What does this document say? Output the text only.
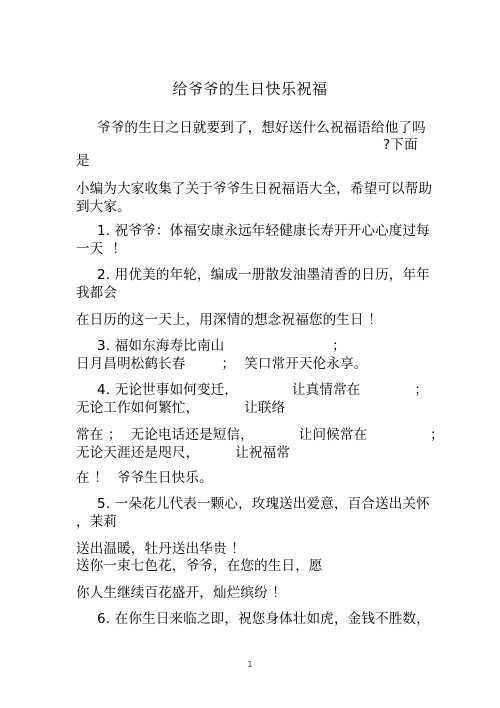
给爷爷的生日快乐祝福
爷爷的生日之日就要到了，想好送什么祝福语给他了吗
?下面
是
小编为大家收集了关于爷爷生日祝福语大全，希望可以帮助
到大家。
1. 祝爷爷：体福安康永远年轻健康长寿开开心心度过每
一天  ！
2. 用优美的年轮，编成一册散发油墨清香的日历，年年
我都会
在日历的这一天上，用深情的想念祝福您的生日 ！
3. 福如东海寿比南山                        ；
日月昌明松鹤长春        ；  笑口常开天伦永享。
4. 无论世事如何变迁，            让真情常在            ；
无论工作如何繁忙，          让联络
常在 ；  无论电话还是短信，          让问候常在              ；
无论天涯还是咫尺，        让祝福常
在 ！  爷爷生日快乐。
5. 一朵花儿代表一颗心，玫瑰送出爱意，百合送出关怀
，茉莉
送出温暖，牡丹送出华贵 ！
送你一束七色花，爷爷，在您的生日，愿
你人生继续百花盛开，灿烂缤纷 ！
6. 在你生日来临之即，祝您身体壮如虎，金钱不胜数，
1
